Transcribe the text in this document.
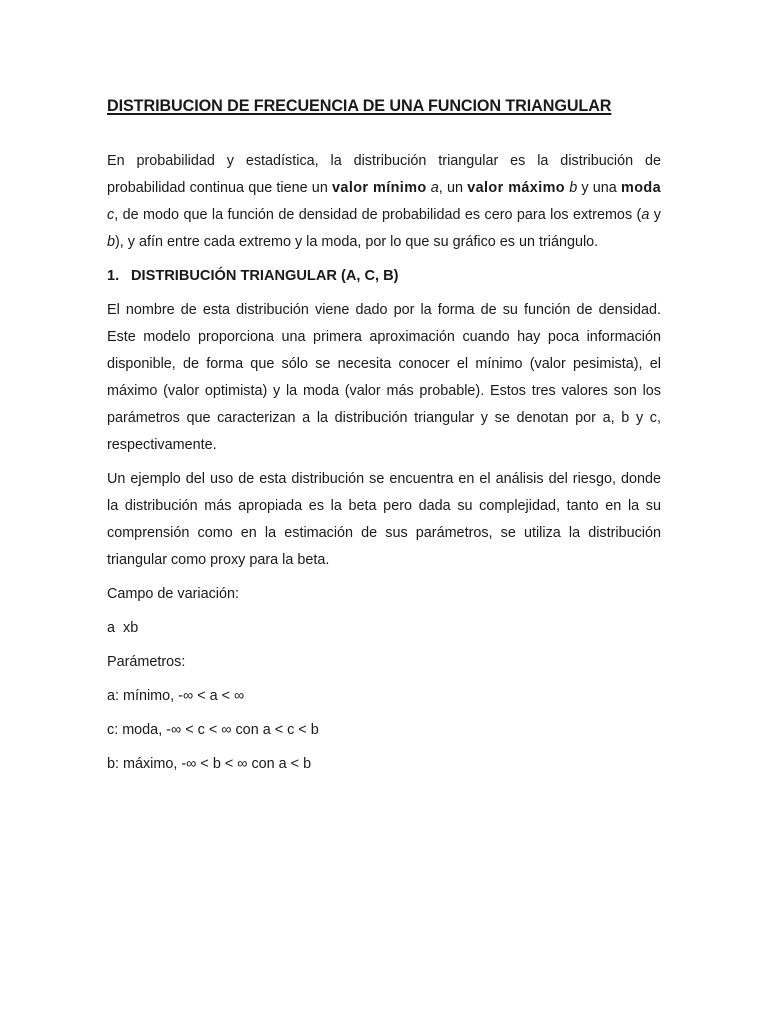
DISTRIBUCION DE FRECUENCIA DE UNA FUNCION TRIANGULAR

En probabilidad y estadística, la distribución triangular es la distribución de probabilidad continua que tiene un valor mínimo a, un valor máximo b y una moda c, de modo que la función de densidad de probabilidad es cero para los extremos (a y b), y afín entre cada extremo y la moda, por lo que su gráfico es un triángulo.

1. DISTRIBUCIÓN TRIANGULAR (A, C, B)

El nombre de esta distribución viene dado por la forma de su función de densidad. Este modelo proporciona una primera aproximación cuando hay poca información disponible, de forma que sólo se necesita conocer el mínimo (valor pesimista), el máximo (valor optimista) y la moda (valor más probable). Estos tres valores son los parámetros que caracterizan a la distribución triangular y se denotan por a, b y c, respectivamente.

Un ejemplo del uso de esta distribución se encuentra en el análisis del riesgo, donde la distribución más apropiada es la beta pero dada su complejidad, tanto en la su comprensión como en la estimación de sus parámetros, se utiliza la distribución triangular como proxy para la beta.

Campo de variación:
a  xb
Parámetros:
a: mínimo, -∞ < a < ∞
c: moda, -∞ < c < ∞ con a < c < b
b: máximo, -∞ < b < ∞ con a < b
